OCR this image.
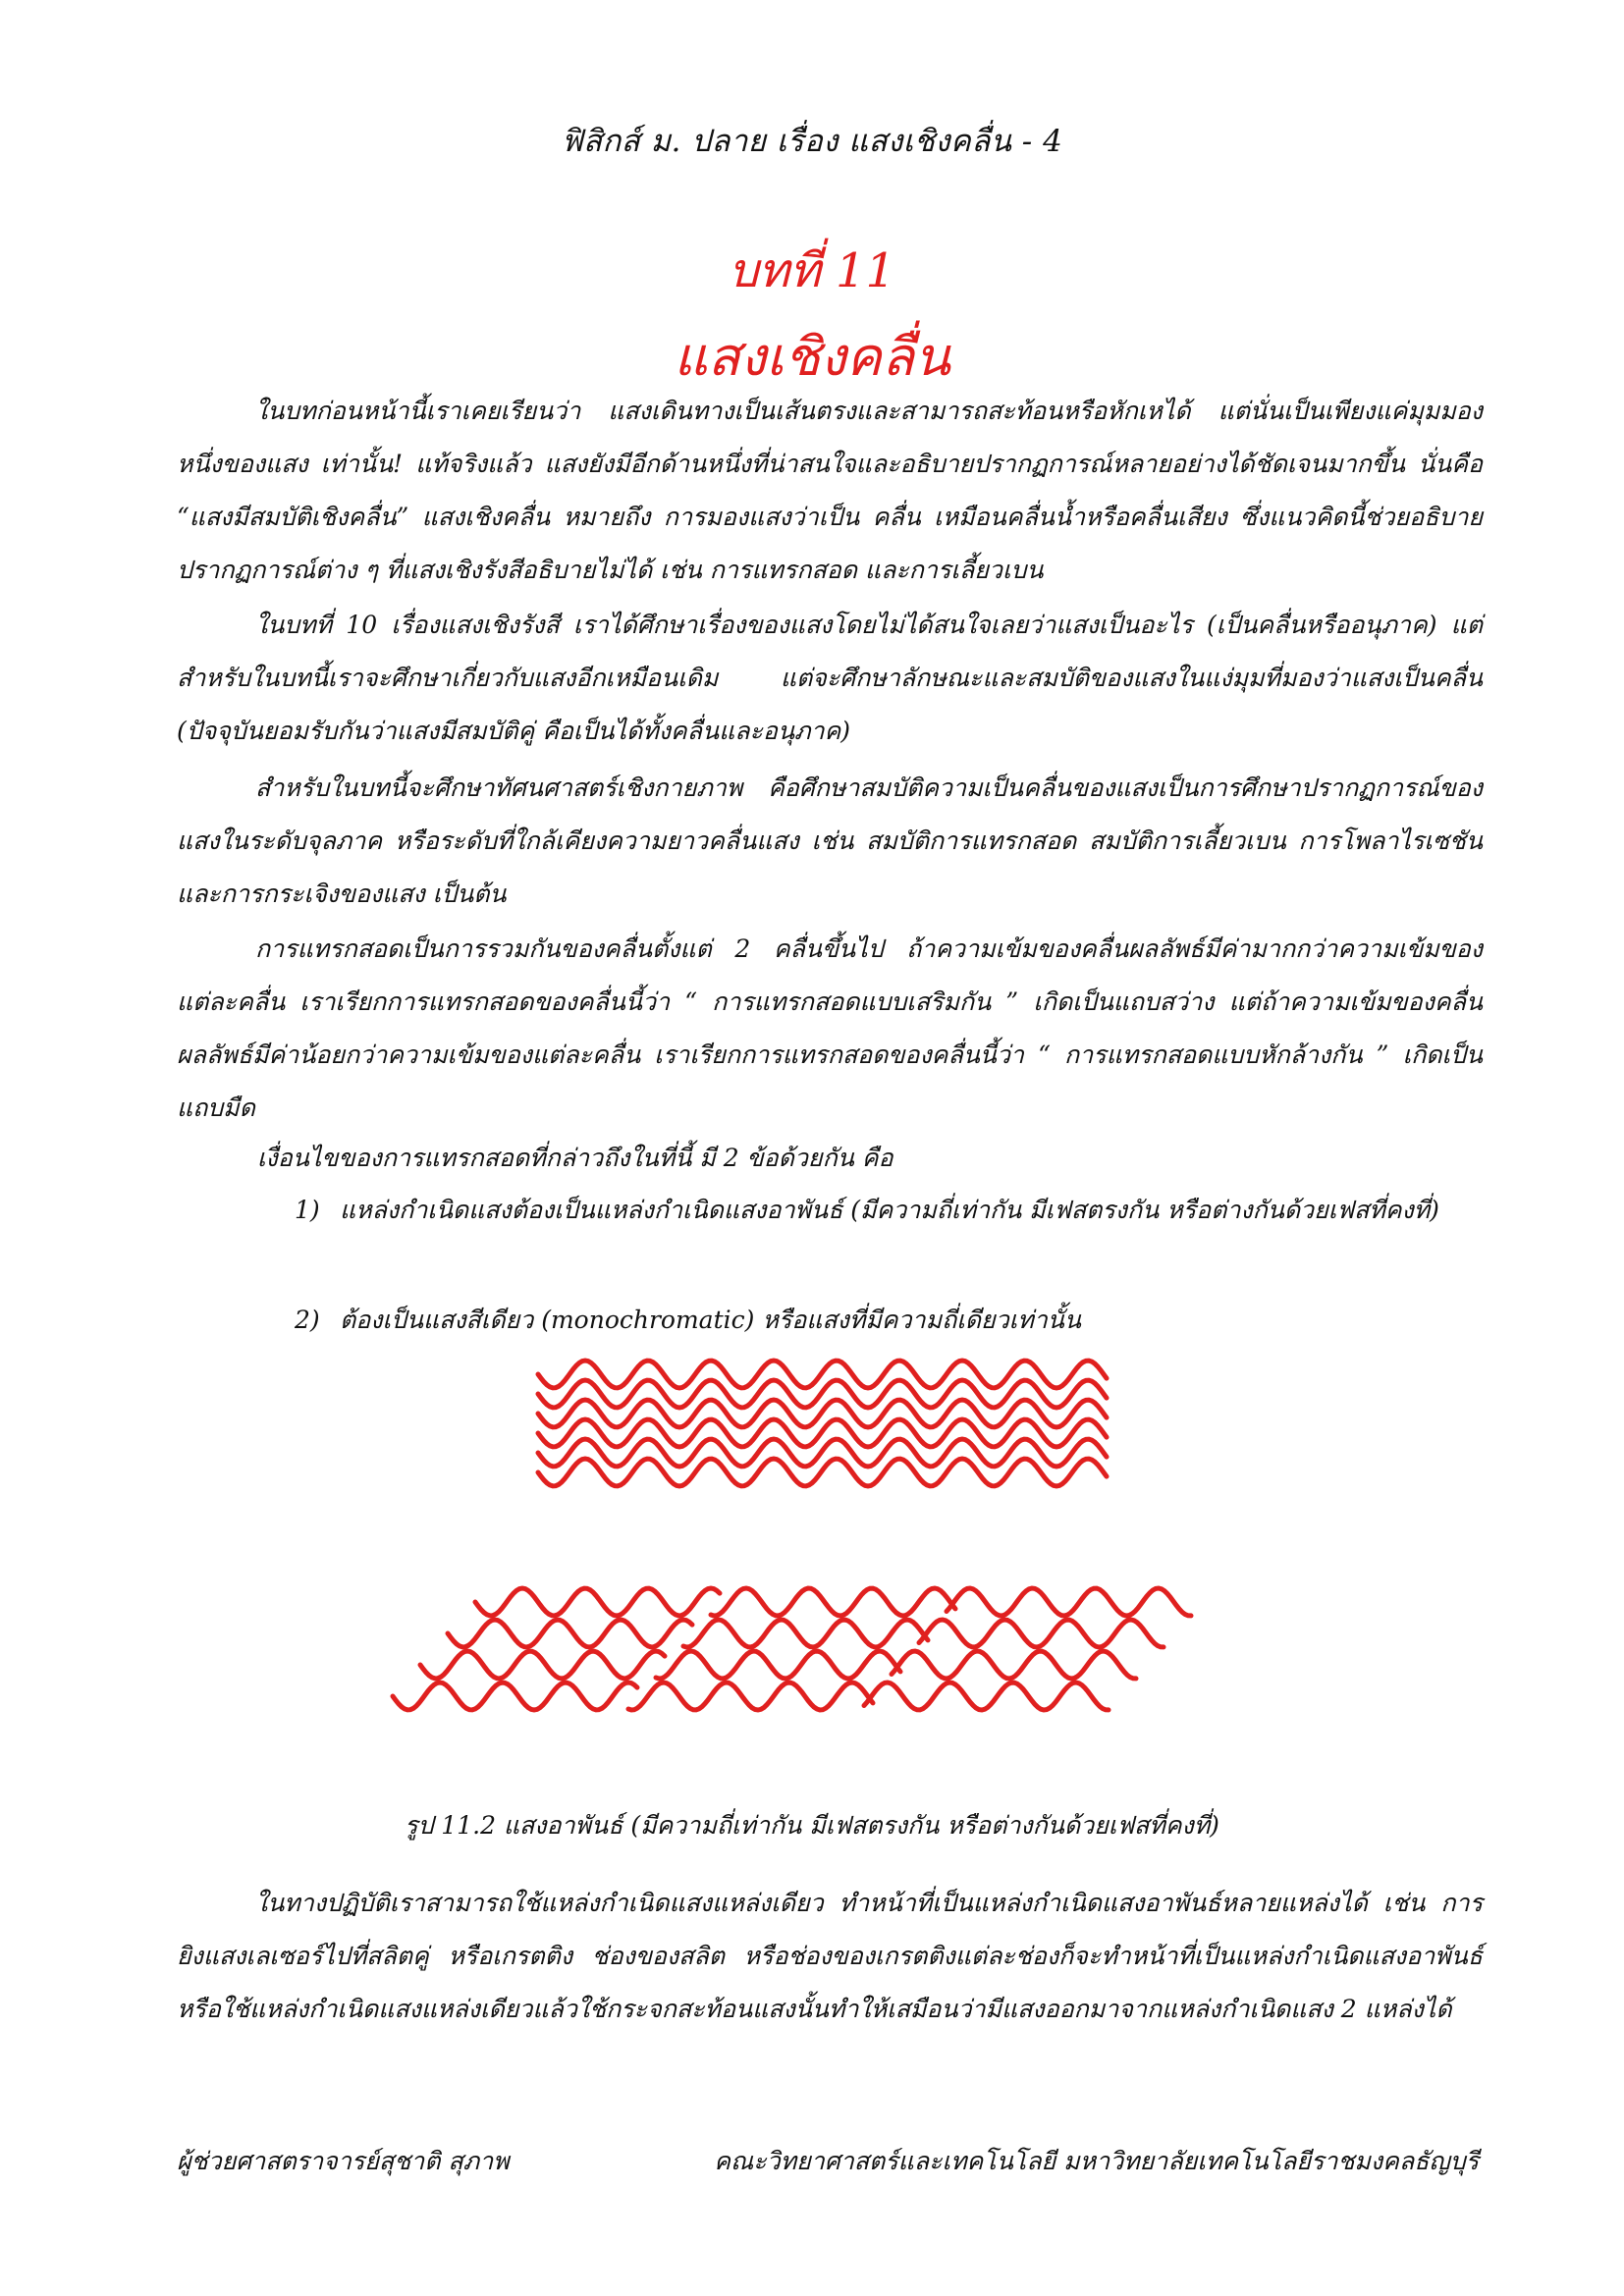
ฟิสิกส์ ม. ปลาย เรื่อง แสงเชิงคลื่น - 4
บทที่ 11
แสงเชิงคลื่น

ในบทก่อนหน้านี้เราเคยเรียนว่า แสงเดินทางเป็นเส้นตรงและสามารถสะท้อนหรือหักเหได้ แต่นั่นเป็นเพียงแค่มุมมองหนึ่งของแสง เท่านั้น! แท้จริงแล้ว แสงยังมีอีกด้านหนึ่งที่น่าสนใจและอธิบายปรากฏการณ์หลายอย่างได้ชัดเจนมากขึ้น นั่นคือ “แสงมีสมบัติเชิงคลื่น” แสงเชิงคลื่น หมายถึง การมองแสงว่าเป็น คลื่น เหมือนคลื่นน้ำหรือคลื่นเสียง ซึ่งแนวคิดนี้ช่วยอธิบายปรากฏการณ์ต่าง ๆ ที่แสงเชิงรังสีอธิบายไม่ได้ เช่น การแทรกสอด และการเลี้ยวเบน

ในบทที่ 10 เรื่องแสงเชิงรังสี เราได้ศึกษาเรื่องของแสงโดยไม่ได้สนใจเลยว่าแสงเป็นอะไร (เป็นคลื่นหรืออนุภาค) แต่สำหรับในบทนี้เราจะศึกษาเกี่ยวกับแสงอีกเหมือนเดิม แต่จะศึกษาลักษณะและสมบัติของแสงในแง่มุมที่มองว่าแสงเป็นคลื่น (ปัจจุบันยอมรับกันว่าแสงมีสมบัติคู่ คือเป็นได้ทั้งคลื่นและอนุภาค)

สำหรับในบทนี้จะศึกษาทัศนศาสตร์เชิงกายภาพ คือศึกษาสมบัติความเป็นคลื่นของแสงเป็นการศึกษาปรากฏการณ์ของแสงในระดับจุลภาค หรือระดับที่ใกล้เคียงความยาวคลื่นแสง เช่น สมบัติการแทรกสอด สมบัติการเลี้ยวเบน การโพลาไรเซชัน และการกระเจิงของแสง เป็นต้น

การแทรกสอดเป็นการรวมกันของคลื่นตั้งแต่ 2 คลื่นขึ้นไป ถ้าความเข้มของคลื่นผลลัพธ์มีค่ามากกว่าความเข้มของแต่ละคลื่น เราเรียกการแทรกสอดของคลื่นนี้ว่า “ การแทรกสอดแบบเสริมกัน ” เกิดเป็นแถบสว่าง แต่ถ้าความเข้มของคลื่นผลลัพธ์มีค่าน้อยกว่าความเข้มของแต่ละคลื่น เราเรียกการแทรกสอดของคลื่นนี้ว่า “ การแทรกสอดแบบหักล้างกัน ” เกิดเป็นแถบมืด

เงื่อนไขของการแทรกสอดที่กล่าวถึงในที่นี้ มี 2 ข้อด้วยกัน คือ
1) แหล่งกำเนิดแสงต้องเป็นแหล่งกำเนิดแสงอาพันธ์ (มีความถี่เท่ากัน มีเฟสตรงกัน หรือต่างกันด้วยเฟสที่คงที่)
2) ต้องเป็นแสงสีเดียว (monochromatic) หรือแสงที่มีความถี่เดียวเท่านั้น
รูป 11.2 แสงอาพันธ์ (มีความถี่เท่ากัน มีเฟสตรงกัน หรือต่างกันด้วยเฟสที่คงที่)

ในทางปฏิบัติเราสามารถใช้แหล่งกำเนิดแสงแหล่งเดียว ทำหน้าที่เป็นแหล่งกำเนิดแสงอาพันธ์หลายแหล่งได้ เช่น การยิงแสงเลเซอร์ไปที่สลิตคู่ หรือเกรตติง ช่องของสลิต หรือช่องของเกรตติงแต่ละช่องก็จะทำหน้าที่เป็นแหล่งกำเนิดแสงอาพันธ์ หรือใช้แหล่งกำเนิดแสงแหล่งเดียวแล้วใช้กระจกสะท้อนแสงนั้นทำให้เสมือนว่ามีแสงออกมาจากแหล่งกำเนิดแสง 2 แหล่งได้

ผู้ช่วยศาสตราจารย์สุชาติ สุภาพ	คณะวิทยาศาสตร์และเทคโนโลยี มหาวิทยาลัยเทคโนโลยีราชมงคลธัญบุรี
